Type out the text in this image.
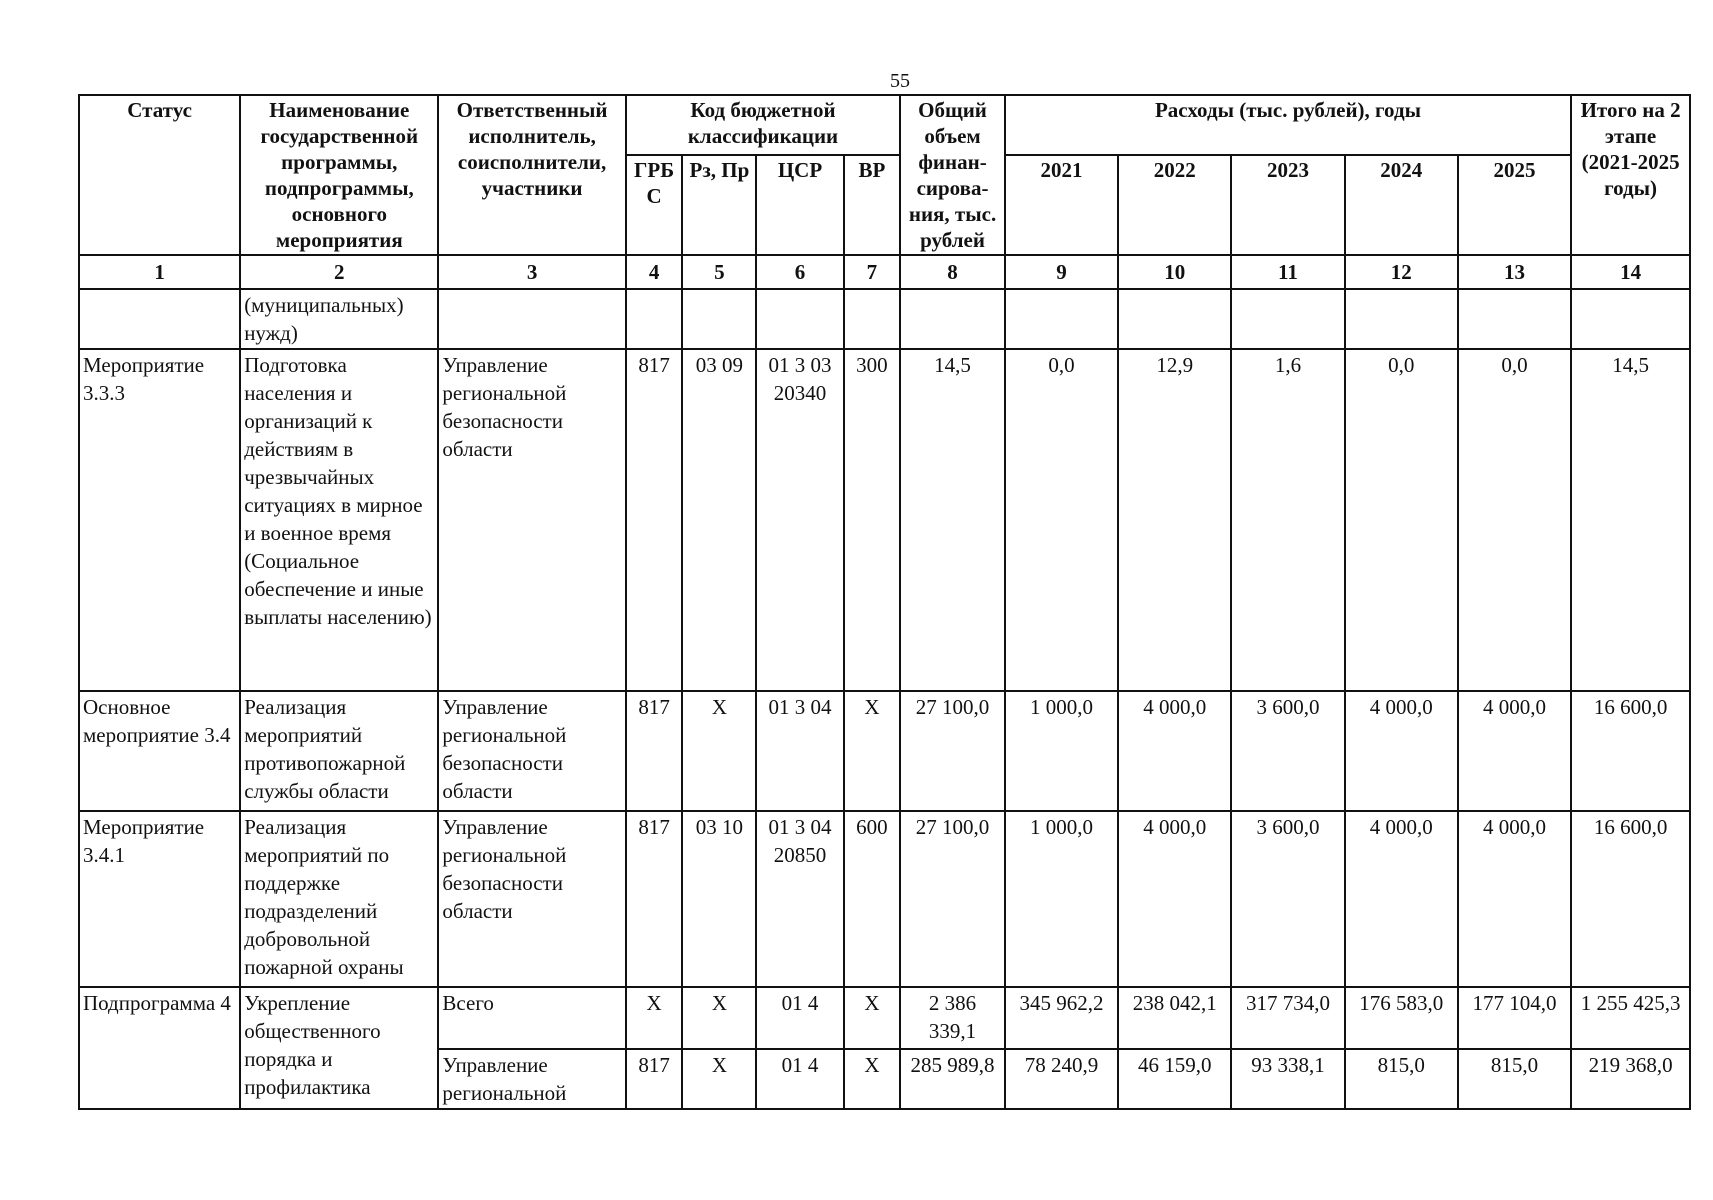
55
Статус	Наименование государственной программы, подпрограммы, основного мероприятия	Ответственный исполнитель, соисполнители, участники	Код бюджетной классификации				Общий объем финан-сирова-ния, тыс. рублей	Расходы (тыс. рублей), годы					Итого на 2 этапе (2021-2025 годы)
			ГРБ С	Рз, Пр	ЦСР	ВР		2021	2022	2023	2024	2025	
1	2	3	4	5	6	7	8	9	10	11	12	13	14
	(муниципальных) нужд)												
Мероприятие 3.3.3	Подготовка населения и организаций к действиям в чрезвычайных ситуациях в мирное и военное время (Социальное обеспечение и иные выплаты населению)	Управление региональной безопасности области	817	03 09	01 3 03 20340	300	14,5	0,0	12,9	1,6	0,0	0,0	14,5
Основное мероприятие 3.4	Реализация мероприятий противопожарной службы области	Управление региональной безопасности области	817	Х	01 3 04	Х	27 100,0	1 000,0	4 000,0	3 600,0	4 000,0	4 000,0	16 600,0
Мероприятие 3.4.1	Реализация мероприятий по поддержке подразделений добровольной пожарной охраны	Управление региональной безопасности области	817	03 10	01 3 04 20850	600	27 100,0	1 000,0	4 000,0	3 600,0	4 000,0	4 000,0	16 600,0
Подпрограмма 4	Укрепление общественного порядка и профилактика	Всего	Х	Х	01 4	Х	2 386 339,1	345 962,2	238 042,1	317 734,0	176 583,0	177 104,0	1 255 425,3
		Управление региональной	817	Х	01 4	Х	285 989,8	78 240,9	46 159,0	93 338,1	815,0	815,0	219 368,0
